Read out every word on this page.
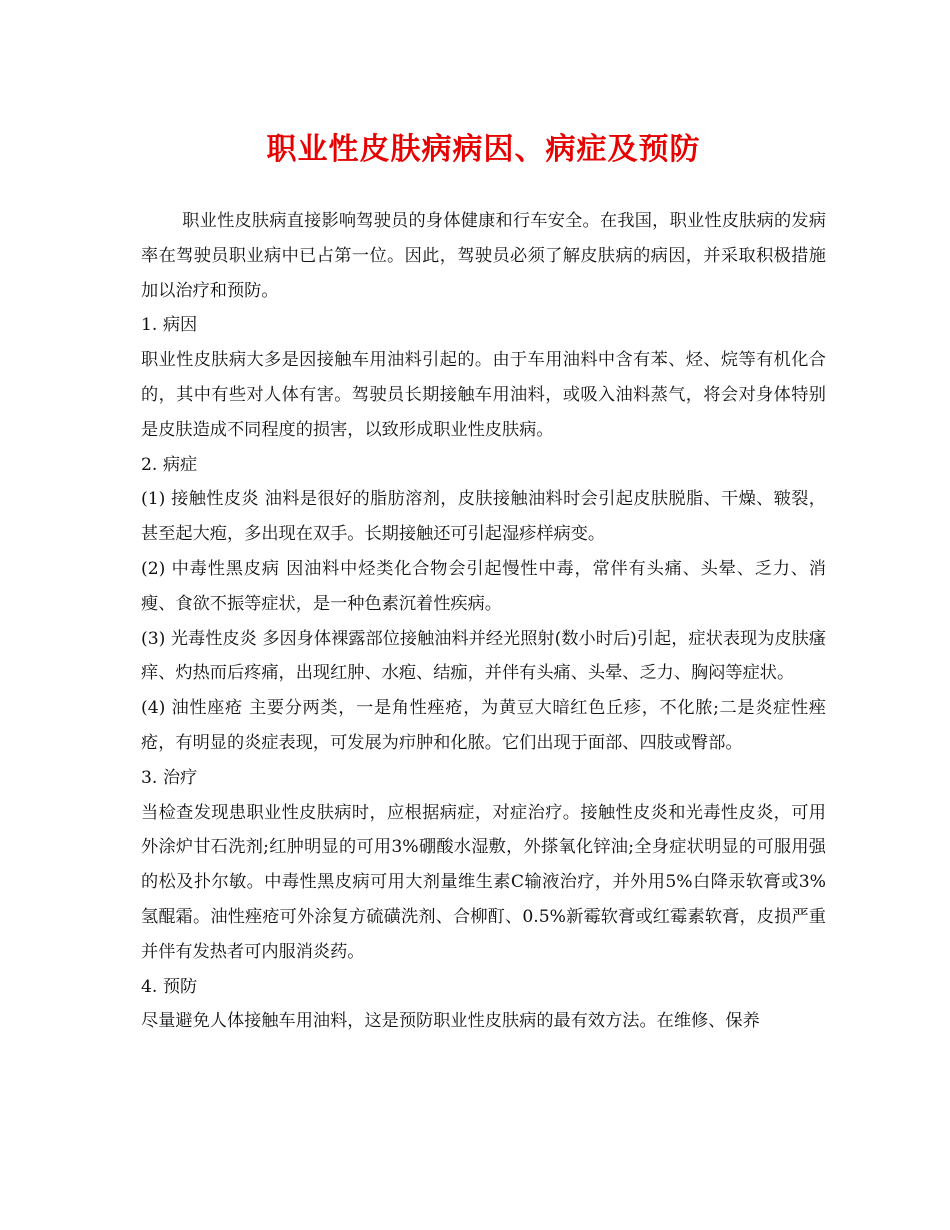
职业性皮肤病病因、病症及预防

职业性皮肤病直接影响驾驶员的身体健康和行车安全。在我国，职业性皮肤病的发病率在驾驶员职业病中已占第一位。因此，驾驶员必须了解皮肤病的病因，并采取积极措施加以治疗和预防。

1. 病因

职业性皮肤病大多是因接触车用油料引起的。由于车用油料中含有苯、烃、烷等有机化合的，其中有些对人体有害。驾驶员长期接触车用油料，或吸入油料蒸气，将会对身体特别是皮肤造成不同程度的损害，以致形成职业性皮肤病。

2. 病症

(1) 接触性皮炎 油料是很好的脂肪溶剂，皮肤接触油料时会引起皮肤脱脂、干燥、皲裂，甚至起大疱，多出现在双手。长期接触还可引起湿疹样病变。

(2) 中毒性黑皮病 因油料中烃类化合物会引起慢性中毒，常伴有头痛、头晕、乏力、消瘦、食欲不振等症状，是一种色素沉着性疾病。

(3) 光毒性皮炎 多因身体裸露部位接触油料并经光照射(数小时后)引起，症状表现为皮肤瘙痒、灼热而后疼痛，出现红肿、水疱、结痂，并伴有头痛、头晕、乏力、胸闷等症状。

(4) 油性座疮 主要分两类，一是角性痤疮，为黄豆大暗红色丘疹，不化脓;二是炎症性痤疮，有明显的炎症表现，可发展为疖肿和化脓。它们出现于面部、四肢或臀部。

3. 治疗

当检查发现患职业性皮肤病时，应根据病症，对症治疗。接触性皮炎和光毒性皮炎，可用外涂炉甘石洗剂;红肿明显的可用3%硼酸水湿敷，外搽氧化锌油;全身症状明显的可服用强的松及扑尔敏。中毒性黑皮病可用大剂量维生素C输液治疗，并外用5%白降汞软膏或3%氢醌霜。油性痤疮可外涂复方硫磺洗剂、合柳酊、0.5%新霉软膏或红霉素软膏，皮损严重并伴有发热者可内服消炎药。

4. 预防

尽量避免人体接触车用油料，这是预防职业性皮肤病的最有效方法。在维修、保养
